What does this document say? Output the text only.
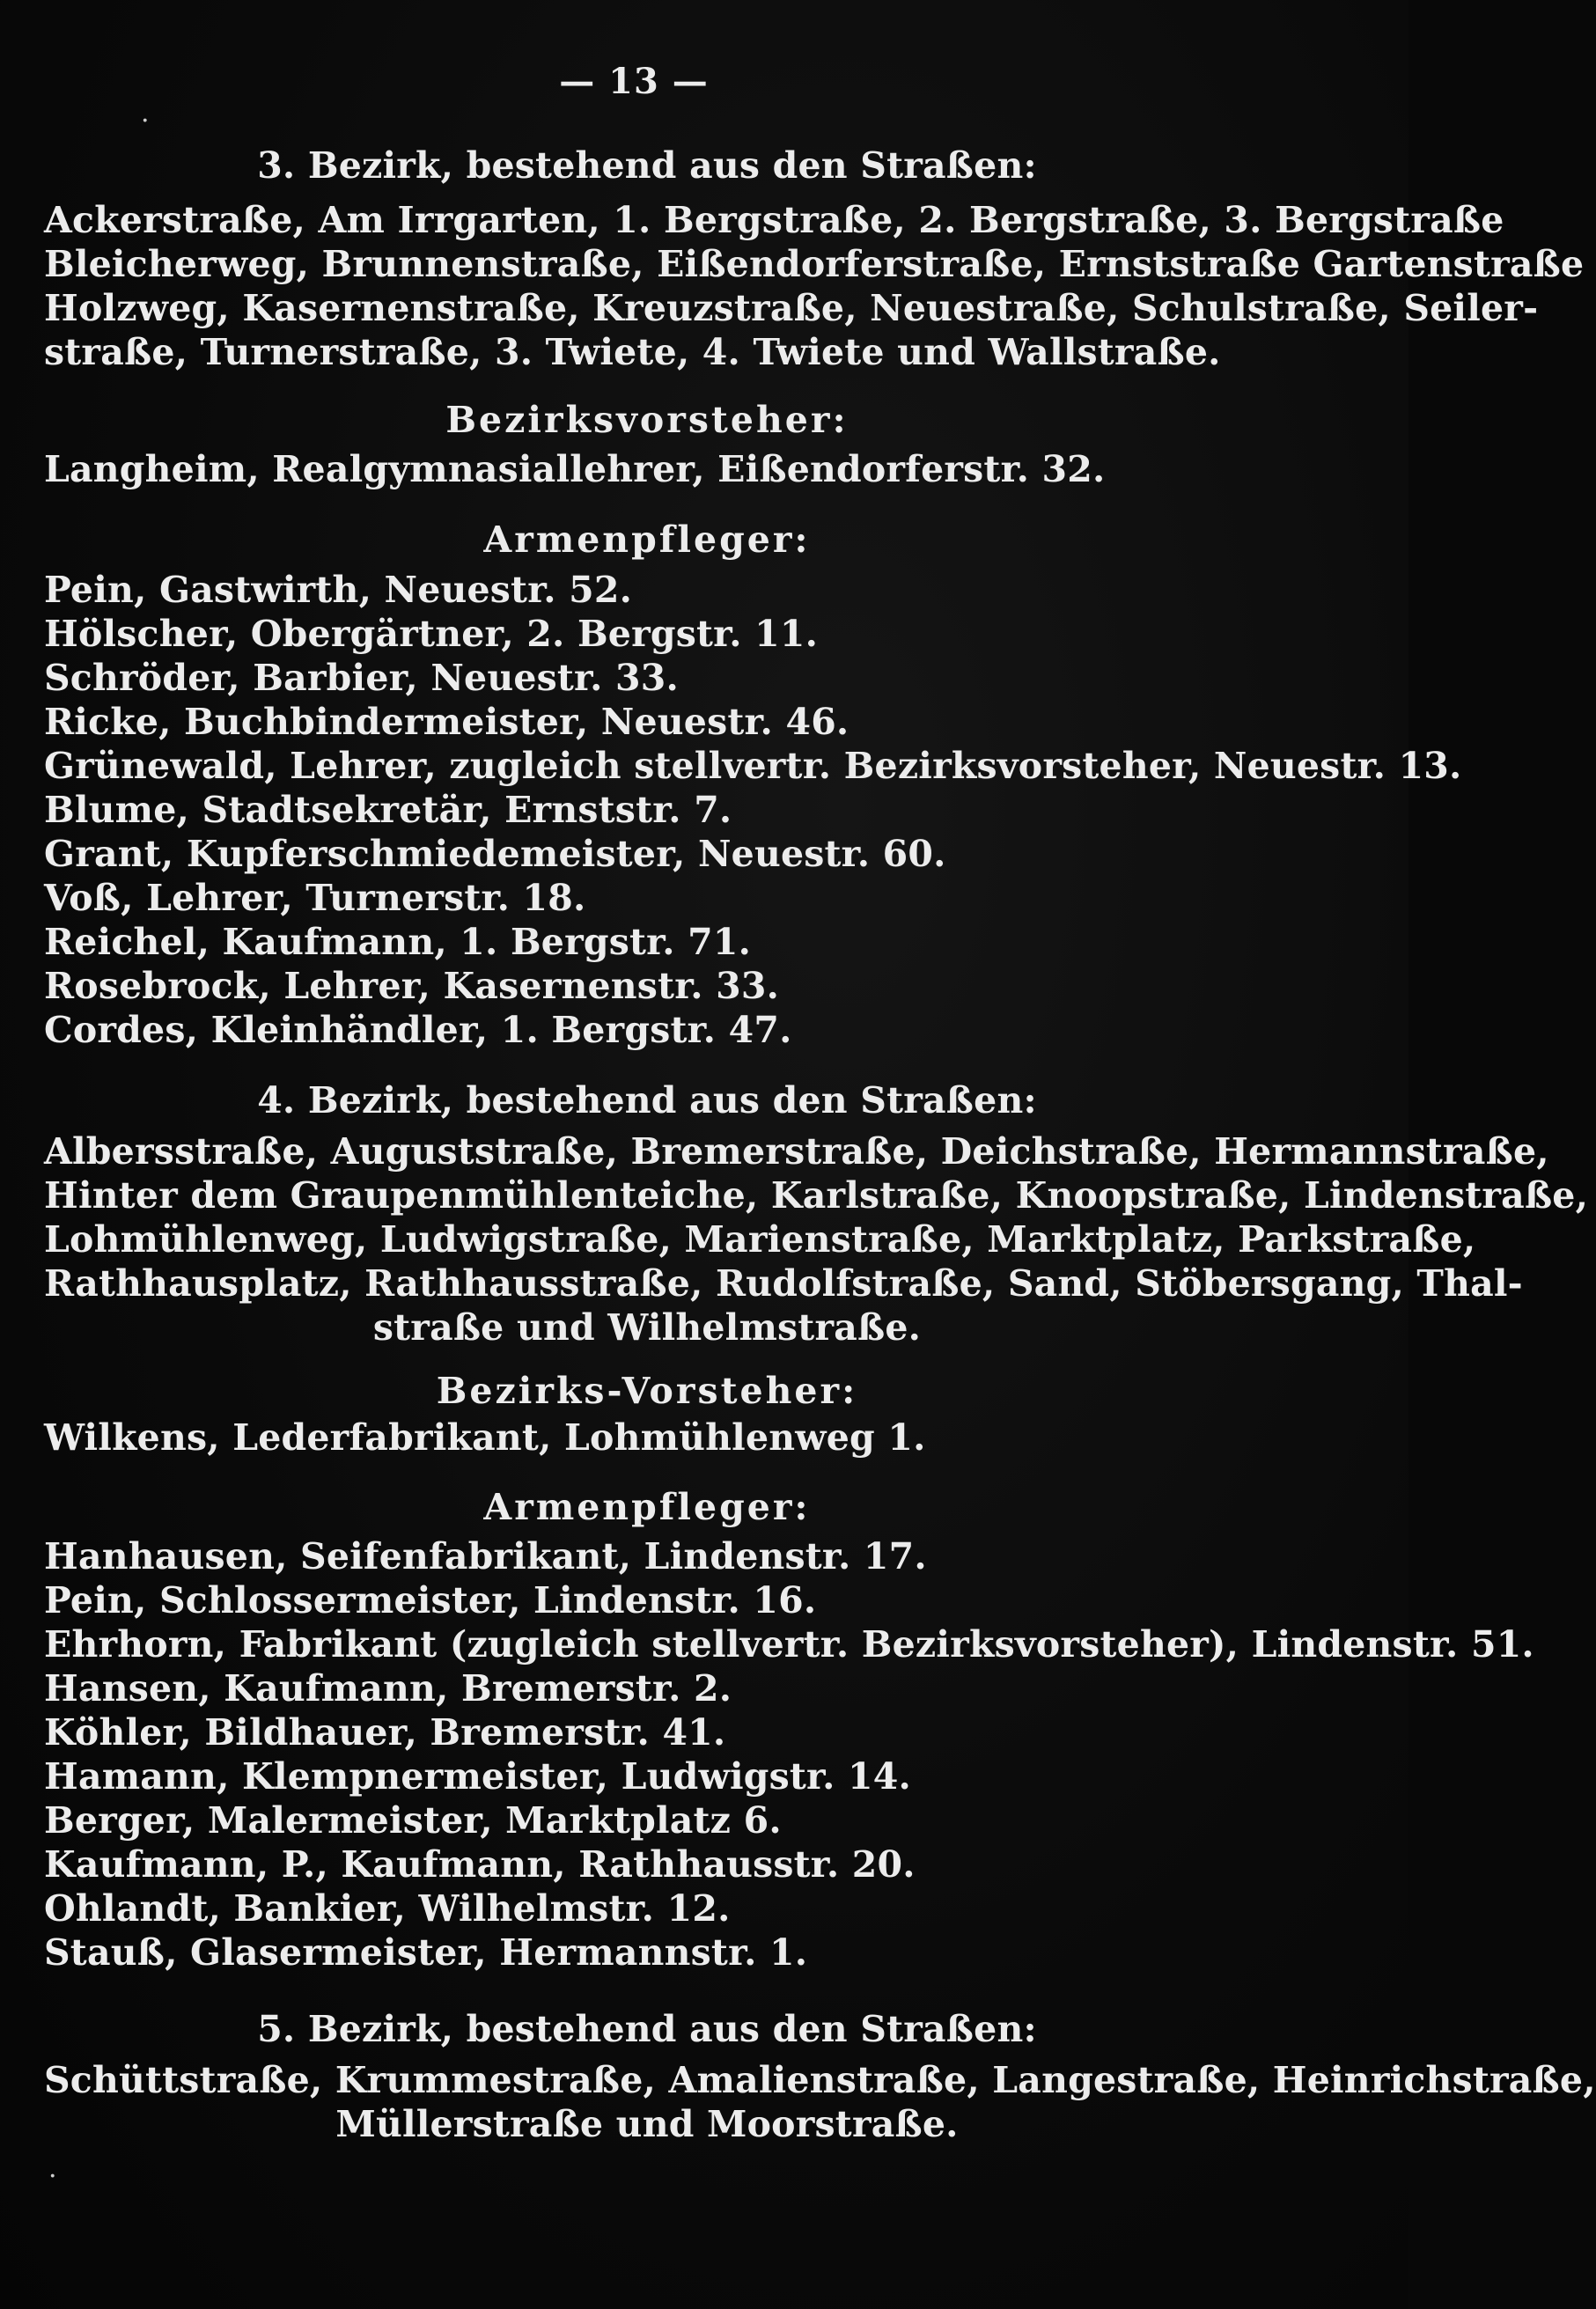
— 13 —
3. Bezirk, bestehend aus den Straßen:
Ackerstraße, Am Irrgarten, 1. Bergstraße, 2. Bergstraße, 3. Bergstraße
Bleicherweg, Brunnenstraße, Eißendorferstraße, Ernststraße Gartenstraße
Holzweg, Kasernenstraße, Kreuzstraße, Neuestraße, Schulstraße, Seiler-
straße, Turnerstraße, 3. Twiete, 4. Twiete und Wallstraße.
Bezirksvorsteher:
Langheim, Realgymnasiallehrer, Eißendorferstr. 32.
Armenpfleger:
Pein, Gastwirth, Neuestr. 52.
Hölscher, Obergärtner, 2. Bergstr. 11.
Schröder, Barbier, Neuestr. 33.
Ricke, Buchbindermeister, Neuestr. 46.
Grünewald, Lehrer, zugleich stellvertr. Bezirksvorsteher, Neuestr. 13.
Blume, Stadtsekretär, Ernststr. 7.
Grant, Kupferschmiedemeister, Neuestr. 60.
Voß, Lehrer, Turnerstr. 18.
Reichel, Kaufmann, 1. Bergstr. 71.
Rosebrock, Lehrer, Kasernenstr. 33.
Cordes, Kleinhändler, 1. Bergstr. 47.
4. Bezirk, bestehend aus den Straßen:
Albersstraße, Auguststraße, Bremerstraße, Deichstraße, Hermannstraße,
Hinter dem Graupenmühlenteiche, Karlstraße, Knoopstraße, Lindenstraße,
Lohmühlenweg, Ludwigstraße, Marienstraße, Marktplatz, Parkstraße,
Rathhausplatz, Rathhausstraße, Rudolfstraße, Sand, Stöbersgang, Thal-
straße und Wilhelmstraße.
Bezirks-Vorsteher:
Wilkens, Lederfabrikant, Lohmühlenweg 1.
Armenpfleger:
Hanhausen, Seifenfabrikant, Lindenstr. 17.
Pein, Schlossermeister, Lindenstr. 16.
Ehrhorn, Fabrikant (zugleich stellvertr. Bezirksvorsteher), Lindenstr. 51.
Hansen, Kaufmann, Bremerstr. 2.
Köhler, Bildhauer, Bremerstr. 41.
Hamann, Klempnermeister, Ludwigstr. 14.
Berger, Malermeister, Marktplatz 6.
Kaufmann, P., Kaufmann, Rathhausstr. 20.
Ohlandt, Bankier, Wilhelmstr. 12.
Stauß, Glasermeister, Hermannstr. 1.
5. Bezirk, bestehend aus den Straßen:
Schüttstraße, Krummestraße, Amalienstraße, Langestraße, Heinrichstraße,
Müllerstraße und Moorstraße.
·
·
